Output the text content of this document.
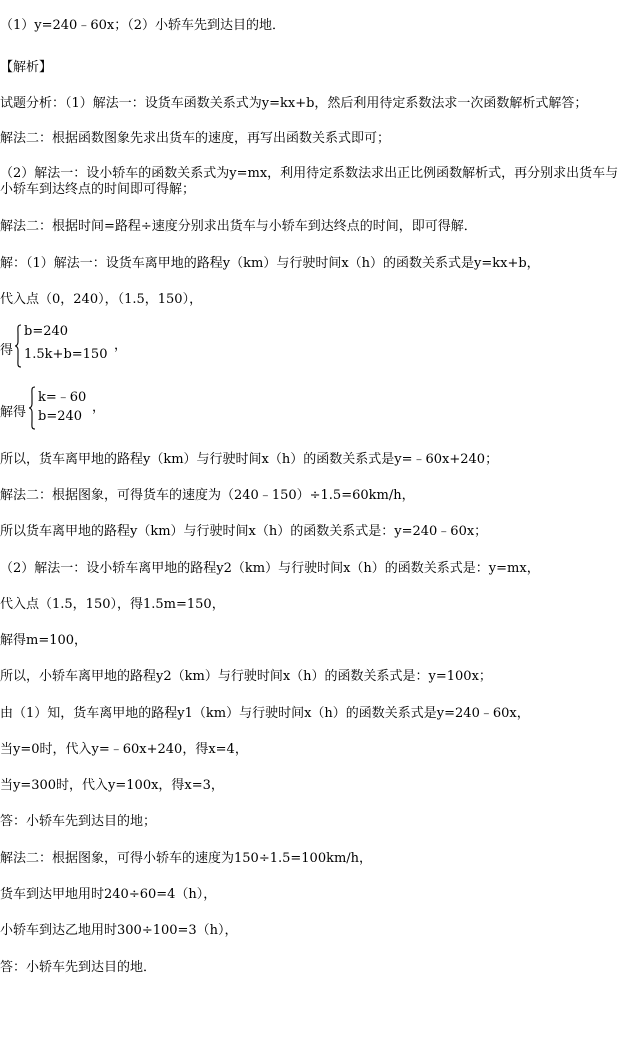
（1）y=240﹣60x；（2）小轿车先到达目的地．
【解析】
试题分析：（1）解法一：设货车函数关系式为y=kx+b，然后利用待定系数法求一次函数解析式解答；
解法二：根据函数图象先求出货车的速度，再写出函数关系式即可；
（2）解法一：设小轿车的函数关系式为y=mx，利用待定系数法求出正比例函数解析式，再分别求出货车与小轿车到达终点的时间即可得解；
解法二：根据时间=路程÷速度分别求出货车与小轿车到达终点的时间，即可得解．
解：（1）解法一：设货车离甲地的路程y（km）与行驶时间x（h）的函数关系式是y=kx+b，
代入点（0，240），（1.5，150），
得
b=240
1.5k+b=150
，
解得
k=﹣60
b=240
，
所以，货车离甲地的路程y（km）与行驶时间x（h）的函数关系式是y=﹣60x+240；
解法二：根据图象，可得货车的速度为（240﹣150）÷1.5=60km/h，
所以货车离甲地的路程y（km）与行驶时间x（h）的函数关系式是：y=240﹣60x；
（2）解法一：设小轿车离甲地的路程y2（km）与行驶时间x（h）的函数关系式是：y=mx，
代入点（1.5，150），得1.5m=150，
解得m=100，
所以，小轿车离甲地的路程y2（km）与行驶时间x（h）的函数关系式是：y=100x；
由（1）知，货车离甲地的路程y1（km）与行驶时间x（h）的函数关系式是y=240﹣60x，
当y=0时，代入y=﹣60x+240，得x=4，
当y=300时，代入y=100x，得x=3，
答：小轿车先到达目的地；
解法二：根据图象，可得小轿车的速度为150÷1.5=100km/h，
货车到达甲地用时240÷60=4（h），
小轿车到达乙地用时300÷100=3（h），
答：小轿车先到达目的地．
